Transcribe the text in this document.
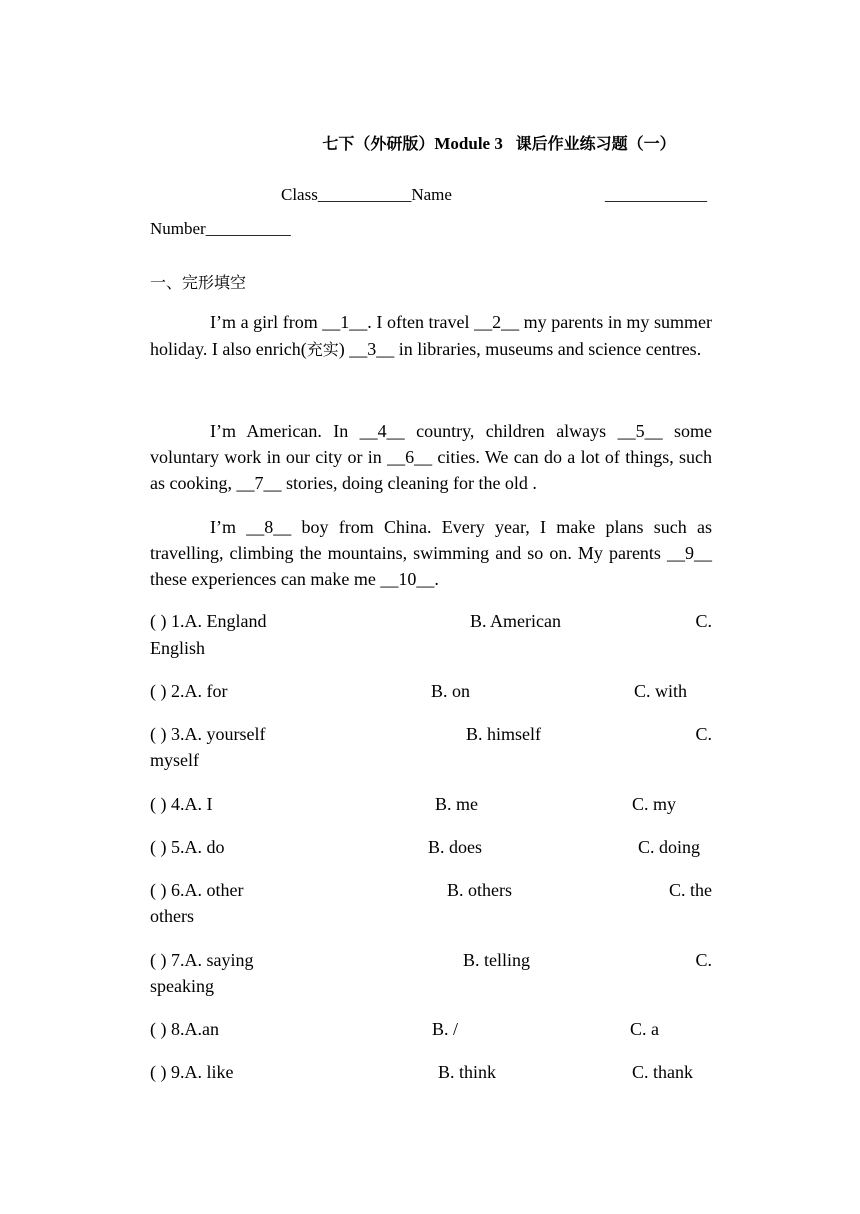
七下（外研版）Module 3 课后作业练习题（一）
Class___________Name	____________
Number__________
一、完形填空
I’m a girl from __1__. I often travel __2__ my parents in my summer holiday. I also enrich(充实) __3__ in libraries, museums and science centres.
I’m American. In __4__ country, children always __5__ some voluntary work in our city or in __6__ cities. We can do a lot of things, such as cooking, __7__ stories, doing cleaning for the old .
I’m __8__ boy from China. Every year, I make plans such as travelling, climbing the mountains, swimming and so on. My parents __9__ these experiences can make me __10__.
( ) 1.A. England	B. American	C.
English
( ) 2.A. for	B. on	C. with
( ) 3.A. yourself	B. himself	C.
myself
( ) 4.A. I	B. me	C. my
( ) 5.A. do	B. does	C. doing
( ) 6.A. other	B. others	C. the
others
( ) 7.A. saying	B. telling	C.
speaking
( ) 8.A.an	B. /	C. a
( ) 9.A. like	B. think	C. thank
